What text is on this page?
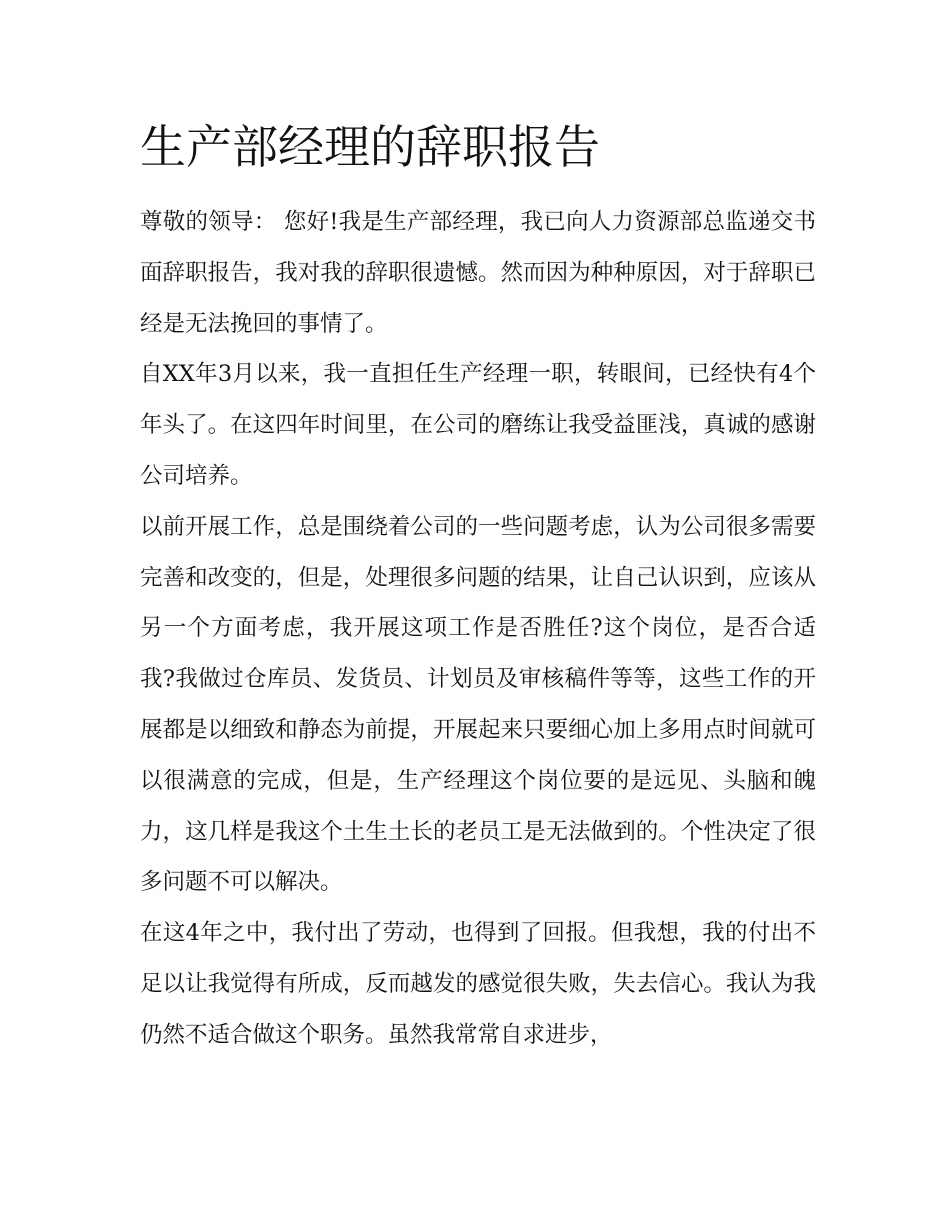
生产部经理的辞职报告

尊敬的领导： 您好!我是生产部经理，我已向人力资源部总监递交书面辞职报告，我对我的辞职很遗憾。然而因为种种原因，对于辞职已经是无法挽回的事情了。

自XX年3月以来，我一直担任生产经理一职，转眼间，已经快有4个年头了。在这四年时间里，在公司的磨练让我受益匪浅，真诚的感谢公司培养。

以前开展工作，总是围绕着公司的一些问题考虑，认为公司很多需要完善和改变的，但是，处理很多问题的结果，让自己认识到，应该从另一个方面考虑，我开展这项工作是否胜任?这个岗位，是否合适我?我做过仓库员、发货员、计划员及审核稿件等等，这些工作的开展都是以细致和静态为前提，开展起来只要细心加上多用点时间就可以很满意的完成，但是，生产经理这个岗位要的是远见、头脑和魄力，这几样是我这个土生土长的老员工是无法做到的。个性决定了很多问题不可以解决。

在这4年之中，我付出了劳动，也得到了回报。但我想，我的付出不足以让我觉得有所成，反而越发的感觉很失败，失去信心。我认为我仍然不适合做这个职务。虽然我常常自求进步，
